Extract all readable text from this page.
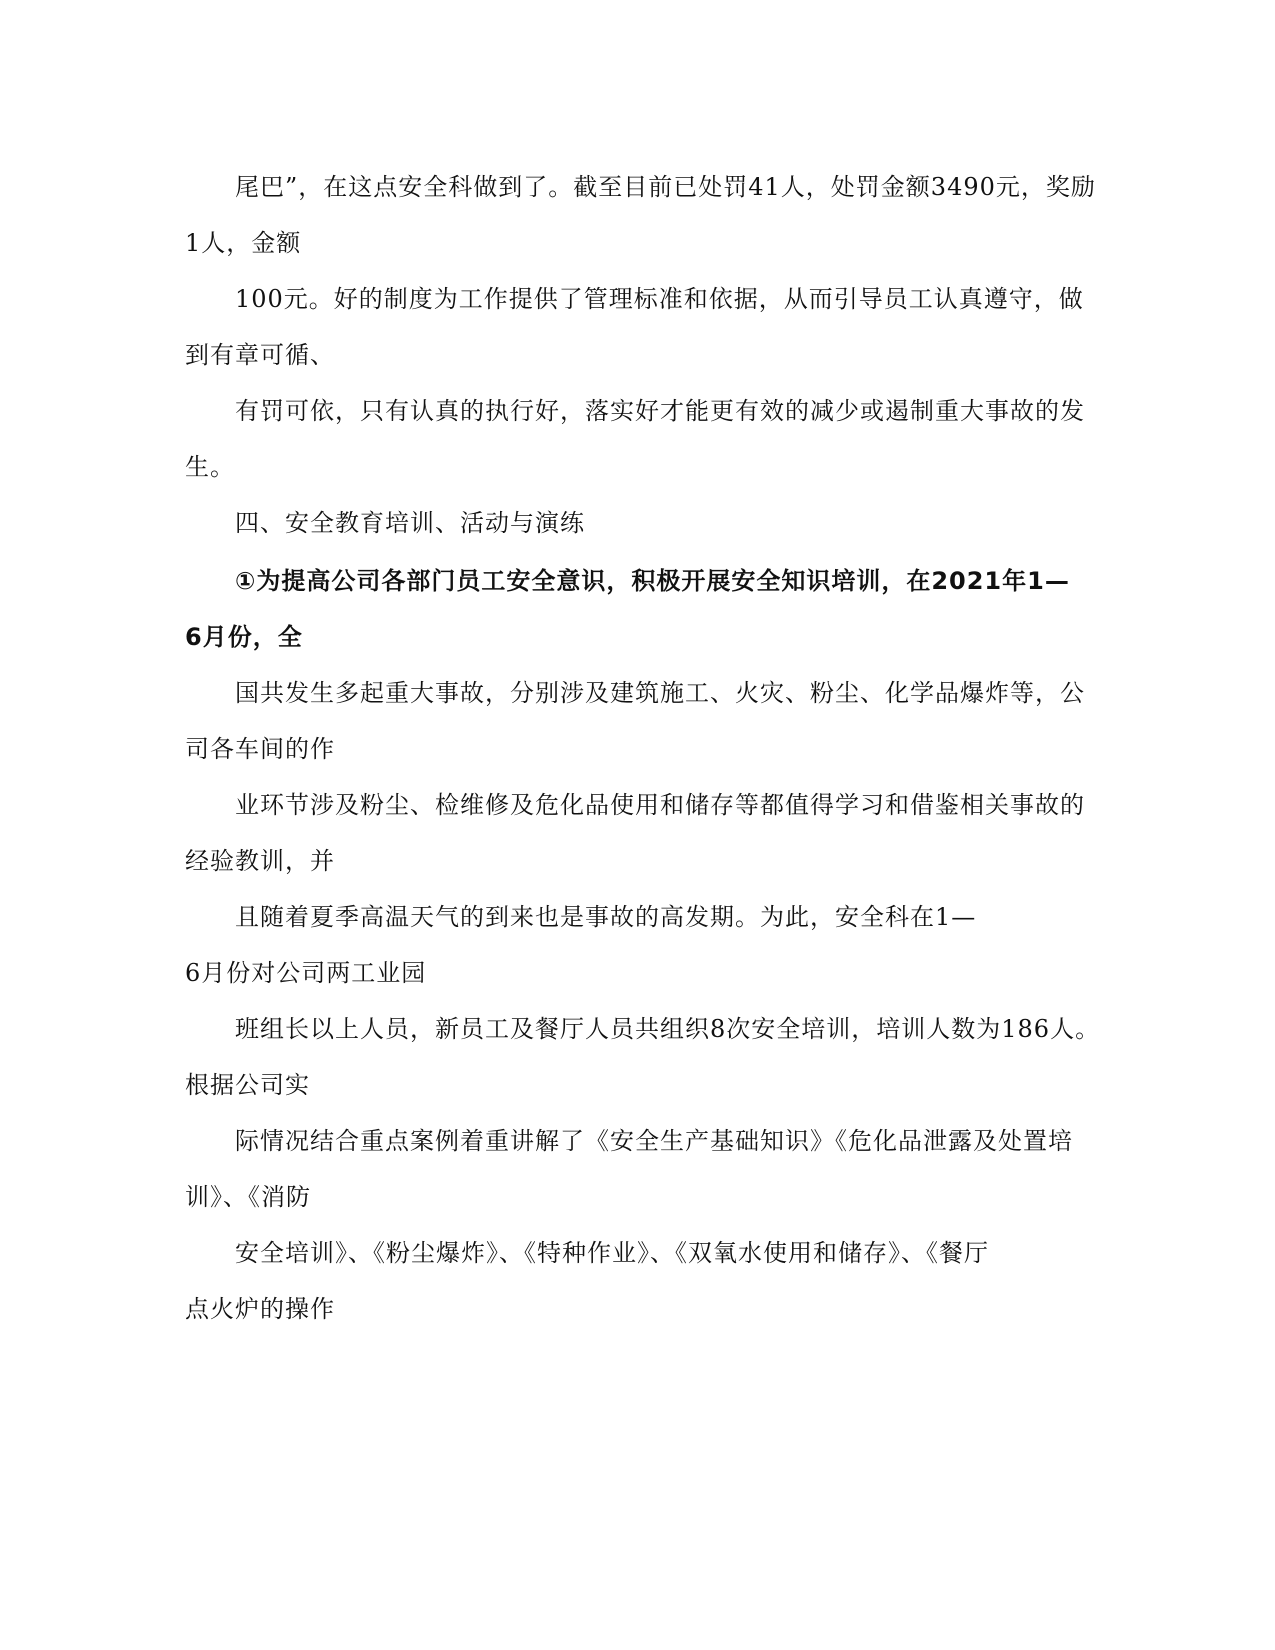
尾巴”，在这点安全科做到了。截至目前已处罚41人，处罚金额3490元，奖励
1人，金额
100元。好的制度为工作提供了管理标准和依据，从而引导员工认真遵守，做
到有章可循、
有罚可依，只有认真的执行好，落实好才能更有效的减少或遏制重大事故的发
生。
四、安全教育培训、活动与演练
①为提高公司各部门员工安全意识，积极开展安全知识培训，在2021年1—
6月份，全
国共发生多起重大事故，分别涉及建筑施工、火灾、粉尘、化学品爆炸等，公
司各车间的作
业环节涉及粉尘、检维修及危化品使用和储存等都值得学习和借鉴相关事故的
经验教训，并
且随着夏季高温天气的到来也是事故的高发期。为此，安全科在1—
6月份对公司两工业园
班组长以上人员，新员工及餐厅人员共组织8次安全培训，培训人数为186人。
根据公司实
际情况结合重点案例着重讲解了《安全生产基础知识》《危化品泄露及处置培
训》、《消防
安全培训》、《粉尘爆炸》、《特种作业》、《双氧水使用和储存》、《餐厅
点火炉的操作
